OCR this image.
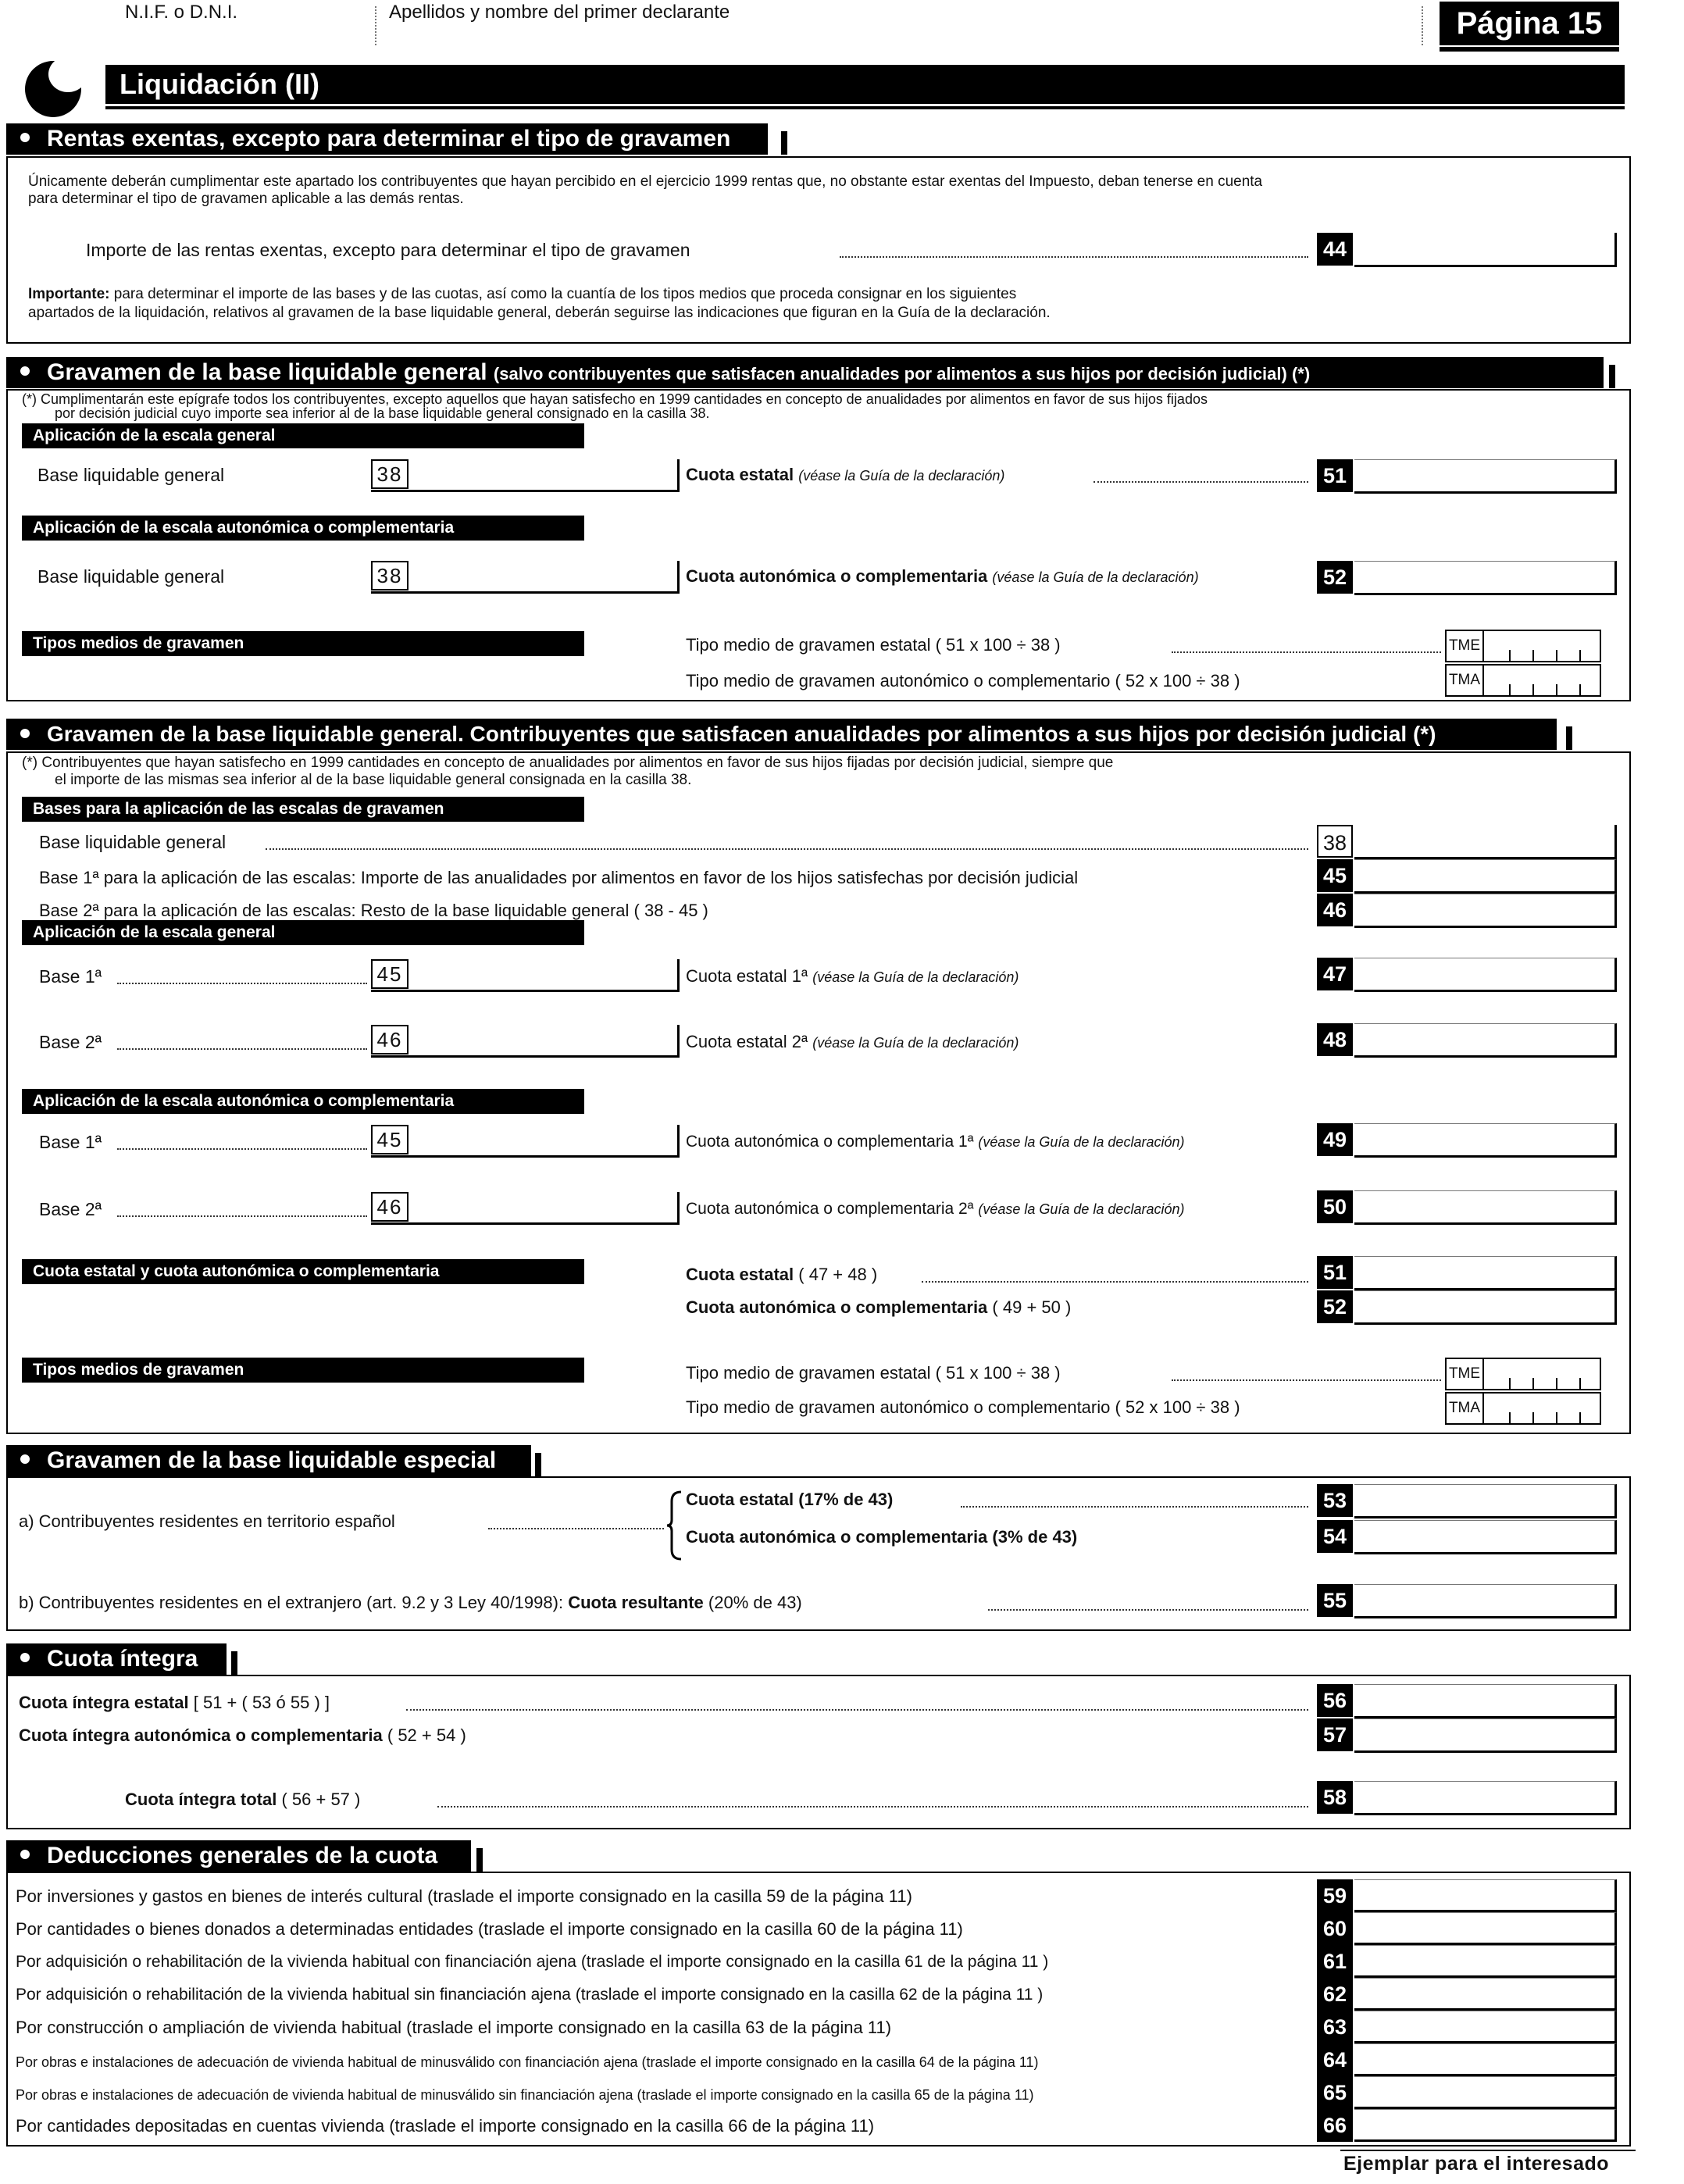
N.I.F. o D.N.I.	Apellidos y nombre del primer declarante	Página 15
Liquidación (II)
Rentas exentas, excepto para determinar el tipo de gravamen
Únicamente deberán cumplimentar este apartado los contribuyentes que hayan percibido en el ejercicio 1999 rentas que, no obstante estar exentas del Impuesto, deban tenerse en cuenta
para determinar el tipo de gravamen aplicable a las demás rentas.
Importe de las rentas exentas, excepto para determinar el tipo de gravamen	44
Importante: para determinar el importe de las bases y de las cuotas, así como la cuantía de los tipos medios que proceda consignar en los siguientes
apartados de la liquidación, relativos al gravamen de la base liquidable general, deberán seguirse las indicaciones que figuran en la Guía de la declaración.
Gravamen de la base liquidable general (salvo contribuyentes que satisfacen anualidades por alimentos a sus hijos por decisión judicial) (*)
(*) Cumplimentarán este epígrafe todos los contribuyentes, excepto aquellos que hayan satisfecho en 1999 cantidades en concepto de anualidades por alimentos en favor de sus hijos fijados
por decisión judicial cuyo importe sea inferior al de la base liquidable general consignado en la casilla 38.
Aplicación de la escala general
Base liquidable general	38	Cuota estatal (véase la Guía de la declaración)	51
Aplicación de la escala autonómica o complementaria
Base liquidable general	38	Cuota autonómica o complementaria (véase la Guía de la declaración)	52
Tipos medios de gravamen	Tipo medio de gravamen estatal ( 51 x 100 ÷ 38 )	TME
Tipo medio de gravamen autonómico o complementario ( 52 x 100 ÷ 38 )	TMA
Gravamen de la base liquidable general. Contribuyentes que satisfacen anualidades por alimentos a sus hijos por decisión judicial (*)
(*) Contribuyentes que hayan satisfecho en 1999 cantidades en concepto de anualidades por alimentos en favor de sus hijos fijadas por decisión judicial, siempre que
el importe de las mismas sea inferior al de la base liquidable general consignada en la casilla 38.
Bases para la aplicación de las escalas de gravamen
Base liquidable general	38
Base 1ª para la aplicación de las escalas: Importe de las anualidades por alimentos en favor de los hijos satisfechas por decisión judicial	45
Base 2ª para la aplicación de las escalas: Resto de la base liquidable general ( 38 - 45 )	46
Aplicación de la escala general
Base 1ª	45	Cuota estatal 1ª (véase la Guía de la declaración)	47
Base 2ª	46	Cuota estatal 2ª (véase la Guía de la declaración)	48
Aplicación de la escala autonómica o complementaria
Base 1ª	45	Cuota autonómica o complementaria 1ª (véase la Guía de la declaración)	49
Base 2ª	46	Cuota autonómica o complementaria 2ª (véase la Guía de la declaración)	50
Cuota estatal y cuota autonómica o complementaria	Cuota estatal ( 47 + 48 )	51
Cuota autonómica o complementaria ( 49 + 50 )	52
Tipos medios de gravamen	Tipo medio de gravamen estatal ( 51 x 100 ÷ 38 )	TME
Tipo medio de gravamen autonómico o complementario ( 52 x 100 ÷ 38 )	TMA
Gravamen de la base liquidable especial
a) Contribuyentes residentes en territorio español
Cuota estatal (17% de 43)	53
Cuota autonómica o complementaria (3% de 43)	54
b) Contribuyentes residentes en el extranjero (art. 9.2 y 3 Ley 40/1998): Cuota resultante (20% de 43)	55
Cuota íntegra
Cuota íntegra estatal [ 51 + ( 53 ó 55 ) ]	56
Cuota íntegra autonómica o complementaria ( 52 + 54 )	57
Cuota íntegra total ( 56 + 57 )	58
Deducciones generales de la cuota
Por inversiones y gastos en bienes de interés cultural (traslade el importe consignado en la casilla 59 de la página 11)	59
Por cantidades o bienes donados a determinadas entidades (traslade el importe consignado en la casilla 60 de la página 11)	60
Por adquisición o rehabilitación de la vivienda habitual con financiación ajena (traslade el importe consignado en la casilla 61 de la página 11 )	61
Por adquisición o rehabilitación de la vivienda habitual sin financiación ajena (traslade el importe consignado en la casilla 62 de la página 11 )	62
Por construcción o ampliación de vivienda habitual (traslade el importe consignado en la casilla 63 de la página 11)	63
Por obras e instalaciones de adecuación de vivienda habitual de minusválido con financiación ajena (traslade el importe consignado en la casilla 64 de la página 11)	64
Por obras e instalaciones de adecuación de vivienda habitual de minusválido sin financiación ajena (traslade el importe consignado en la casilla 65 de la página 11)	65
Por cantidades depositadas en cuentas vivienda (traslade el importe consignado en la casilla 66 de la página 11)	66
Ejemplar para el interesado
